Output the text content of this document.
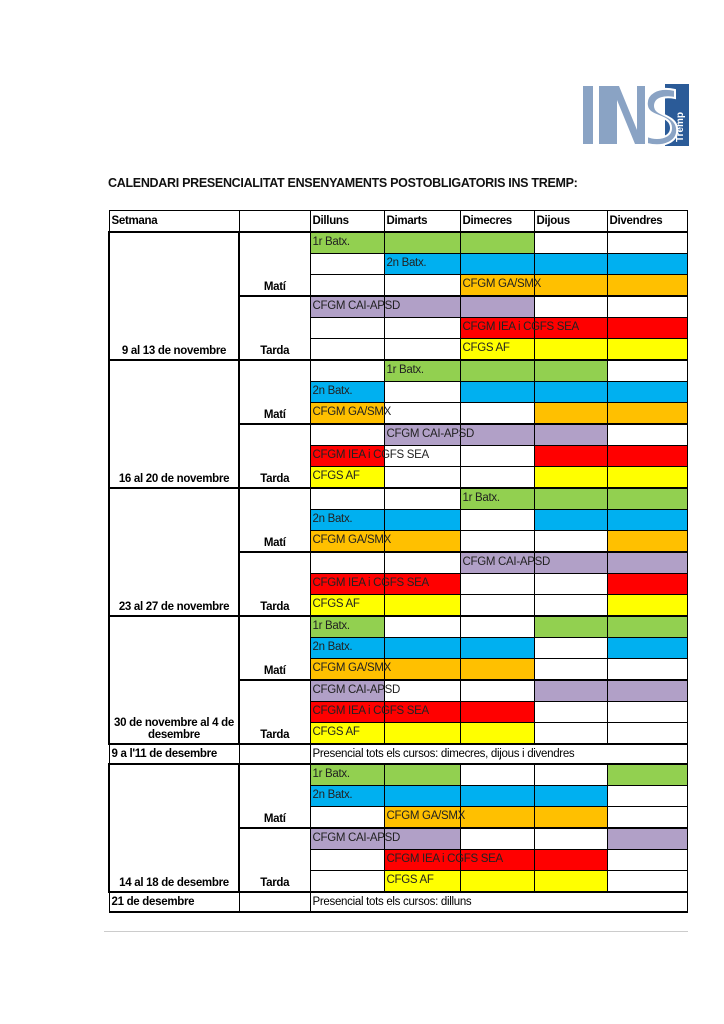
Tremp
CALENDARI PRESENCIALITAT ENSENYAMENTS POSTOBLIGATORIS INS TREMP:
Setmana		Dilluns	Dimarts	Dimecres	Dijous	Divendres
9 al 13 de novembre	Matí	1r Batx.				

			2n Batx.			

				CFGM GA/SMX		

	Tarda	CFGM CAI-APSD				

				CFGM IEA i CGFS SEA		

				CFGS AF		

16 al 20 de novembre	Matí		1r Batx.			

		2n Batx.				

		CFGM GA/SMX				

	Tarda		CFGM CAI-APSD			

		CFGM IEA i CGFS SEA				

		CFGS AF				

23 al 27 de novembre	Matí			1r Batx.		

		2n Batx.				

		CFGM GA/SMX				

	Tarda			CFGM CAI-APSD		

		CFGM IEA i CGFS SEA				

		CFGS AF				

30 de novembre al 4 de desembre	Matí	1r Batx.				

		2n Batx.				

		CFGM GA/SMX				

	Tarda	CFGM CAI-APSD				

		CFGM IEA i CGFS SEA				

		CFGS AF				

9 a l'11 de desembre		Presencial tots els cursos: dimecres, dijous i divendres				
14 al 18 de desembre	Matí	1r Batx.				

		2n Batx.				

			CFGM GA/SMX			

	Tarda	CFGM CAI-APSD				

			CFGM IEA i CGFS SEA			

			CFGS AF			

21 de desembre		Presencial tots els cursos: dilluns				
